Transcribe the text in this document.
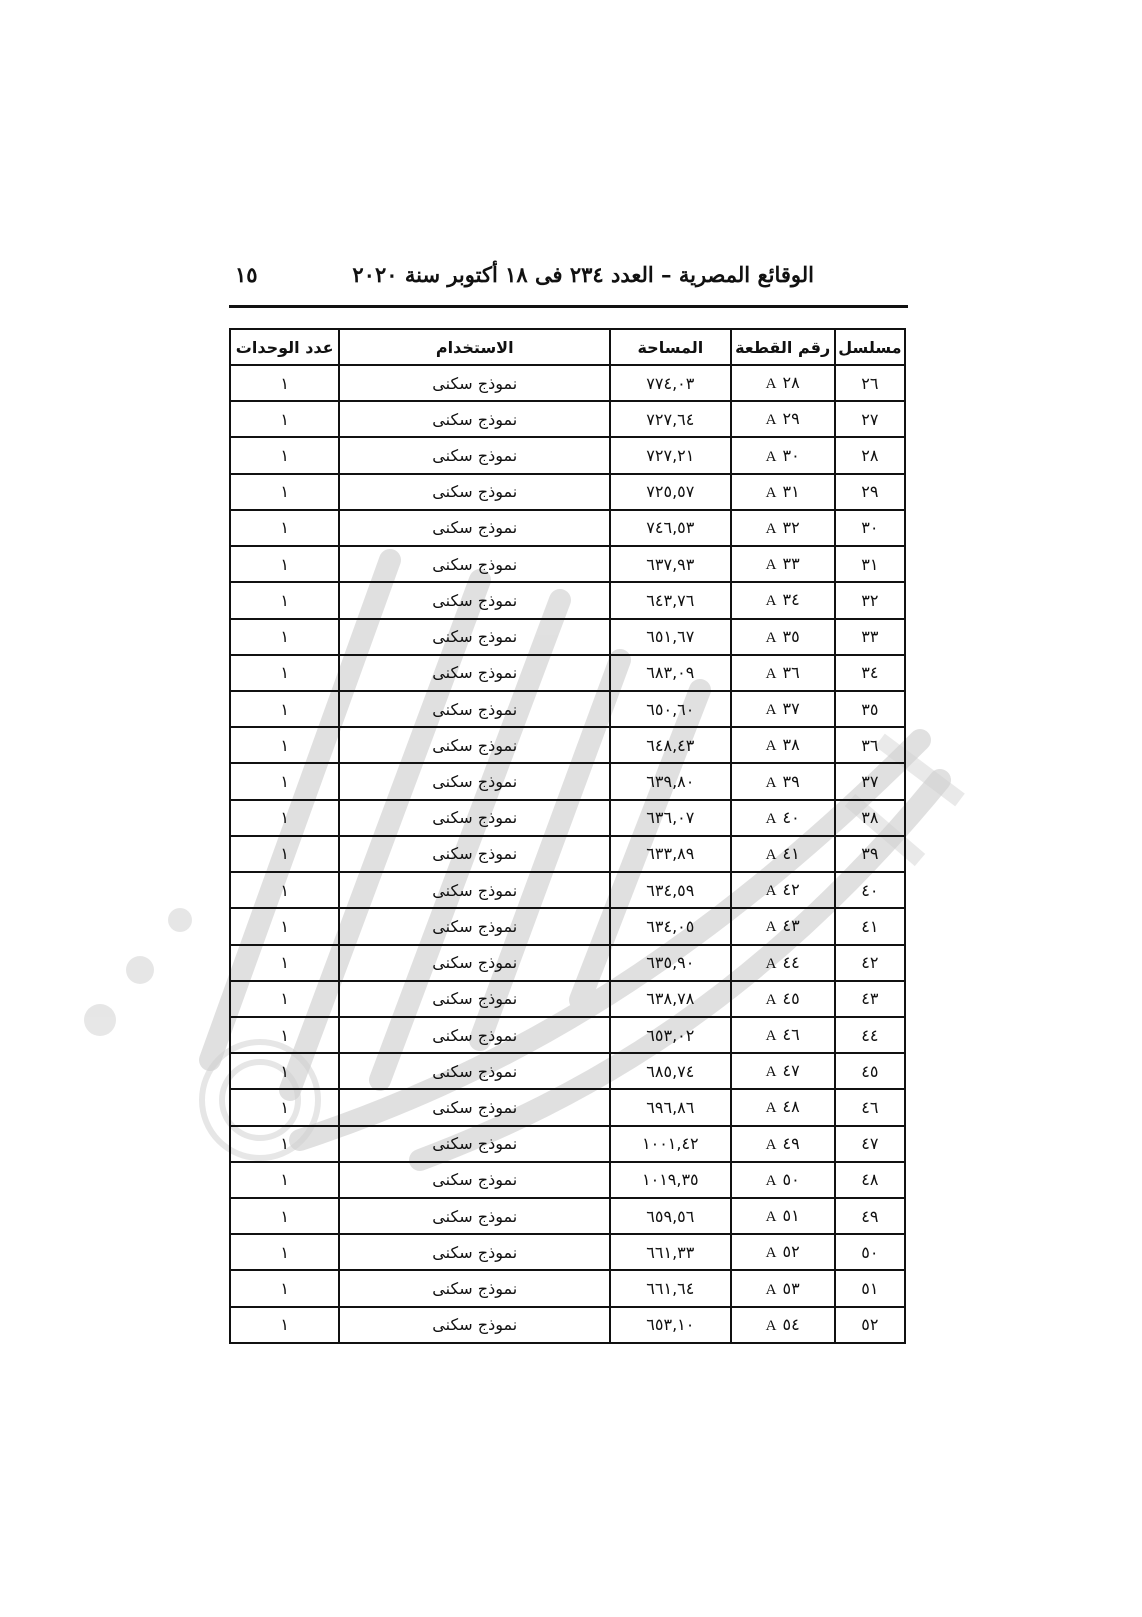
الوقائع المصرية – العدد ٢٣٤ فى ١٨ أكتوبر سنة ٢٠٢٠
١٥
مسلسل	رقم القطعة	المساحة	الاستخدام	عدد الوحدات
٢٦	A ٢٨	٧٧٤,٠٣	نموذج سكنى	١
٢٧	A ٢٩	٧٢٧,٦٤	نموذج سكنى	١
٢٨	A ٣٠	٧٢٧,٢١	نموذج سكنى	١
٢٩	A ٣١	٧٢٥,٥٧	نموذج سكنى	١
٣٠	A ٣٢	٧٤٦,٥٣	نموذج سكنى	١
٣١	A ٣٣	٦٣٧,٩٣	نموذج سكنى	١
٣٢	A ٣٤	٦٤٣,٧٦	نموذج سكنى	١
٣٣	A ٣٥	٦٥١,٦٧	نموذج سكنى	١
٣٤	A ٣٦	٦٨٣,٠٩	نموذج سكنى	١
٣٥	A ٣٧	٦٥٠,٦٠	نموذج سكنى	١
٣٦	A ٣٨	٦٤٨,٤٣	نموذج سكنى	١
٣٧	A ٣٩	٦٣٩,٨٠	نموذج سكنى	١
٣٨	A ٤٠	٦٣٦,٠٧	نموذج سكنى	١
٣٩	A ٤١	٦٣٣,٨٩	نموذج سكنى	١
٤٠	A ٤٢	٦٣٤,٥٩	نموذج سكنى	١
٤١	A ٤٣	٦٣٤,٠٥	نموذج سكنى	١
٤٢	A ٤٤	٦٣٥,٩٠	نموذج سكنى	١
٤٣	A ٤٥	٦٣٨,٧٨	نموذج سكنى	١
٤٤	A ٤٦	٦٥٣,٠٢	نموذج سكنى	١
٤٥	A ٤٧	٦٨٥,٧٤	نموذج سكنى	١
٤٦	A ٤٨	٦٩٦,٨٦	نموذج سكنى	١
٤٧	A ٤٩	١٠٠١,٤٢	نموذج سكنى	١
٤٨	A ٥٠	١٠١٩,٣٥	نموذج سكنى	١
٤٩	A ٥١	٦٥٩,٥٦	نموذج سكنى	١
٥٠	A ٥٢	٦٦١,٣٣	نموذج سكنى	١
٥١	A ٥٣	٦٦١,٦٤	نموذج سكنى	١
٥٢	A ٥٤	٦٥٣,١٠	نموذج سكنى	١
